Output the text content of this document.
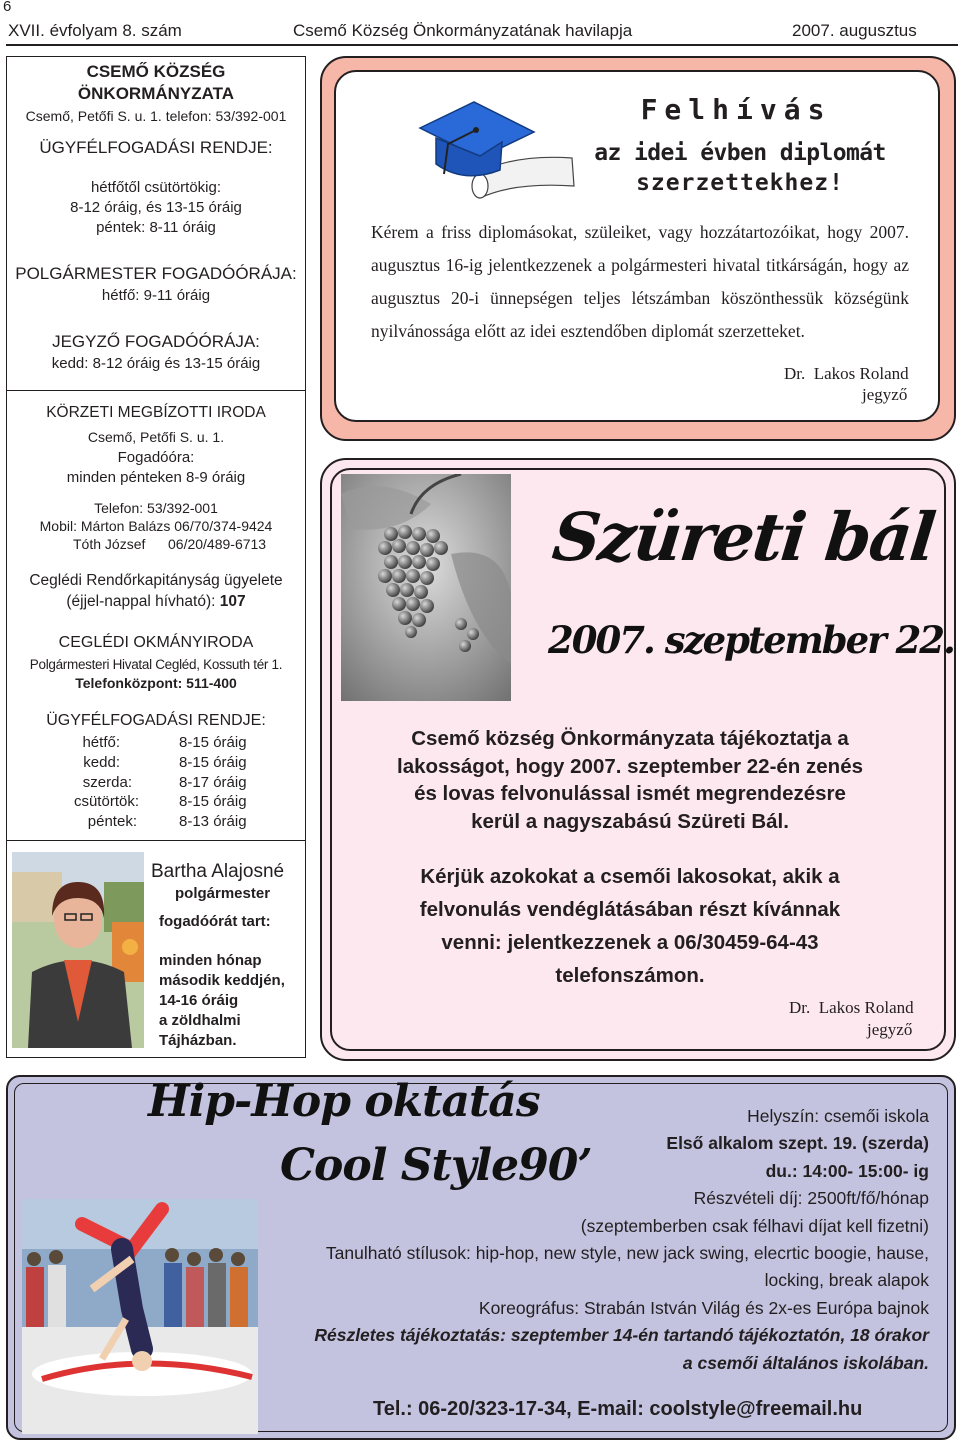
6
XVII. évfolyam 8. szám	Csemő Község Önkormányzatának havilapja	2007. augusztus
CSEMŐ KÖZSÉG
ÖNKORMÁNYZATA
Csemő, Petőfi S. u. 1. telefon: 53/392-001
ÜGYFÉLFOGADÁSI RENDJE:
hétfőtől csütörtökig:
8-12 óráig, és 13-15 óráig
péntek: 8-11 óráig
POLGÁRMESTER FOGADÓÓRÁJA:
hétfő: 9-11 óráig
JEGYZŐ FOGADÓÓRÁJA:
kedd: 8-12 óráig és 13-15 óráig
KÖRZETI MEGBÍZOTTI IRODA
Csemő, Petőfi S. u. 1.
Fogadóóra:
minden pénteken 8-9 óráig
Telefon: 53/392-001
Mobil: Márton Balázs 06/70/374-9424
Tóth József 06/20/489-6713
Ceglédi Rendőrkapitányság ügyelete
(éjjel-nappal hívható): 107
CEGLÉDI OKMÁNYIRODA
Polgármesteri Hivatal Cegléd, Kossuth tér 1.
Telefonközpont: 511-400
ÜGYFÉLFOGADÁSI RENDJE:
hétfő:	8-15 óráig
kedd:	8-15 óráig
szerda:	8-17 óráig
csütörtök:	8-15 óráig
péntek:	8-13 óráig
Bartha Alajosné
polgármester
fogadóórát tart:
minden hónap
második keddjén,
14-16 óráig
a zöldhalmi
Tájházban.
Felhívás
az idei évben diplomát
szerzettekhez!
Kérem a friss diplomásokat, szüleiket, vagy hozzátartozóikat, hogy 2007. augusztus 16-ig jelentkezzenek a polgármesteri hivatal titkárságán, hogy az augusztus 20-i ünnepségen teljes létszámban köszönthessük községünk nyilvánossága előtt az idei esztendőben diplomát szerzetteket.
Dr.  Lakos Roland
jegyző
Szüreti bál
2007. szeptember 22.
Csemő község Önkormányzata tájékoztatja a
lakosságot, hogy 2007. szeptember 22-én zenés
és lovas felvonulással ismét megrendezésre
kerül a nagyszabású Szüreti Bál.
Kérjük azokokat a csemői lakosokat, akik a
felvonulás vendéglátásában részt kívánnak
venni: jelentkezzenek a 06/30459-64-43
telefonszámon.
Dr.  Lakos Roland
jegyző
Hip-Hop oktatás
Cool Style90’
Helyszín: csemői iskola
Első alkalom szept. 19. (szerda)
du.: 14:00- 15:00- ig
Részvételi díj: 2500ft/fő/hónap
(szeptemberben csak félhavi díjat kell fizetni)
Tanulható stílusok: hip-hop, new style, new jack swing, elecrtic boogie, hause,
locking, break alapok
Koreográfus: Strabán István Világ és 2x-es Európa bajnok
Részletes tájékoztatás: szeptember 14-én tartandó tájékoztatón, 18 órakor
a csemői általános iskolában.
Tel.: 06-20/323-17-34, E-mail: coolstyle@freemail.hu
